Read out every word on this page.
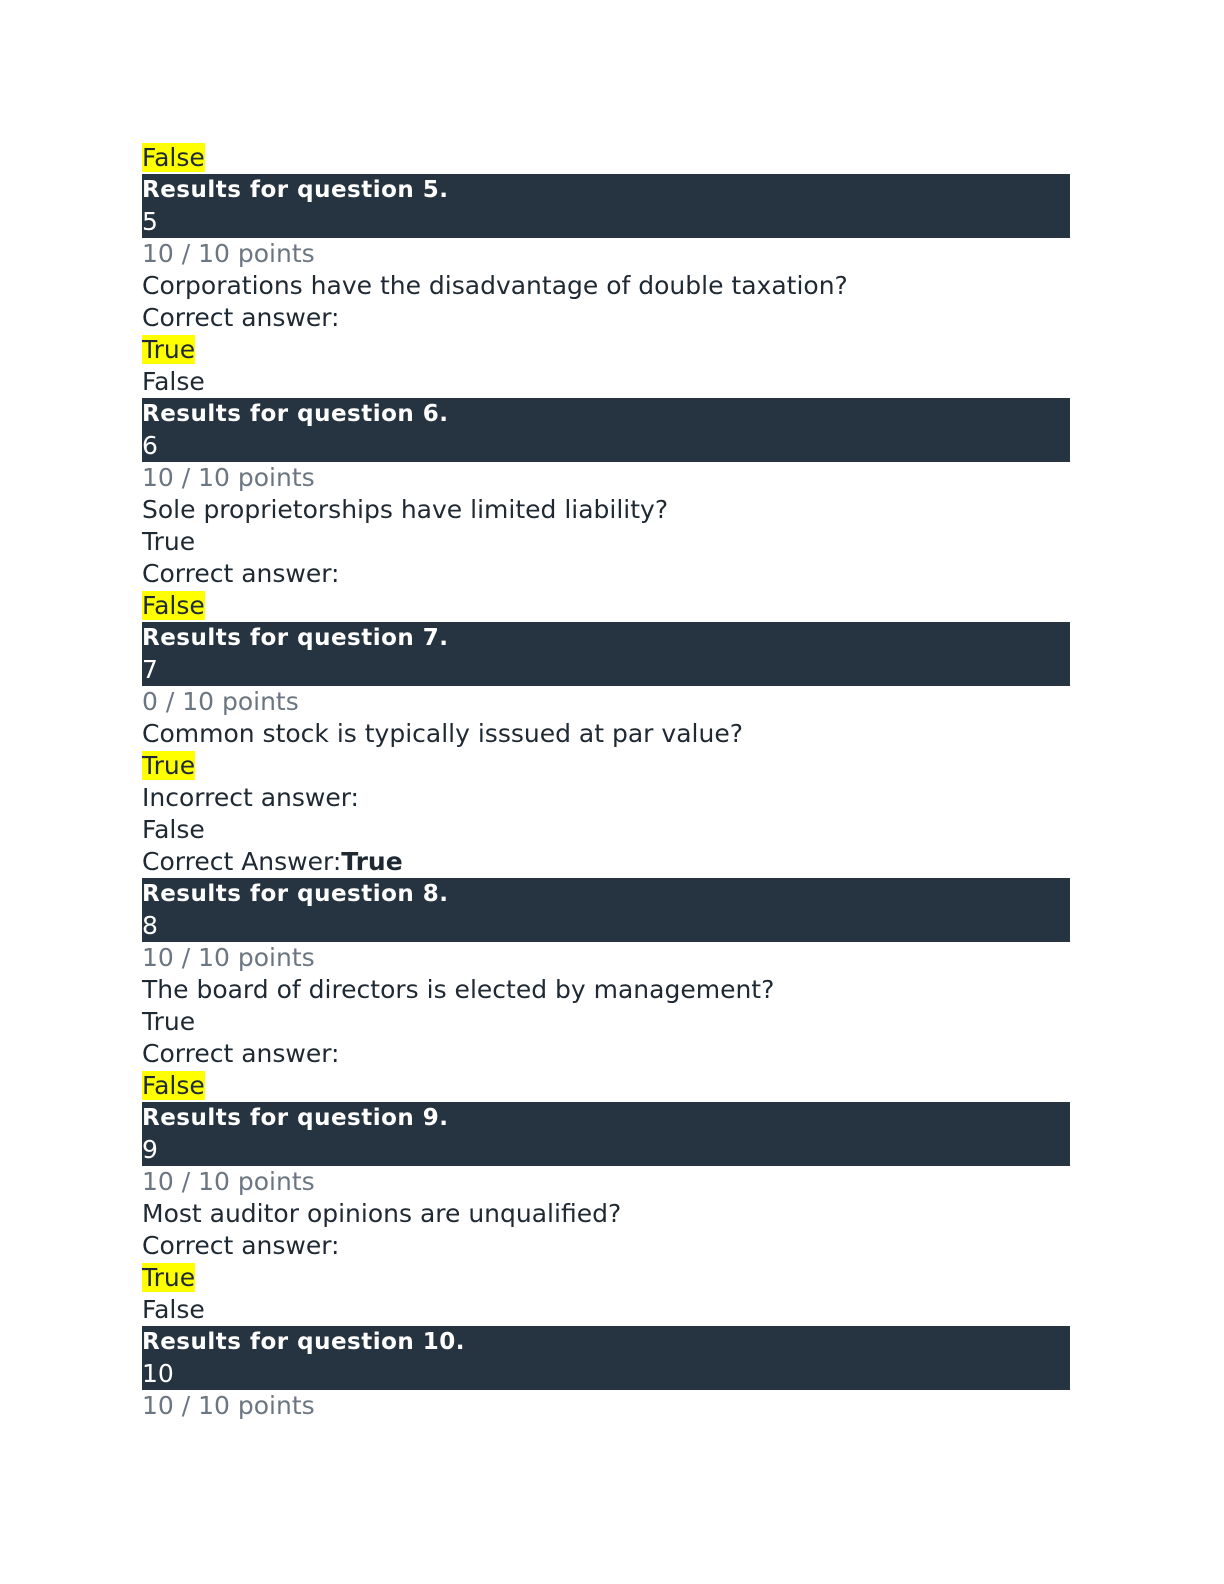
False
Results for question 5.
5
10 / 10 points
Corporations have the disadvantage of double taxation?
Correct answer:
True
False
Results for question 6.
6
10 / 10 points
Sole proprietorships have limited liability?
True
Correct answer:
False
Results for question 7.
7
0 / 10 points
Common stock is typically isssued at par value?
True
Incorrect answer:
False
Correct Answer:True
Results for question 8.
8
10 / 10 points
The board of directors is elected by management?
True
Correct answer:
False
Results for question 9.
9
10 / 10 points
Most auditor opinions are unqualified?
Correct answer:
True
False
Results for question 10.
10
10 / 10 points
